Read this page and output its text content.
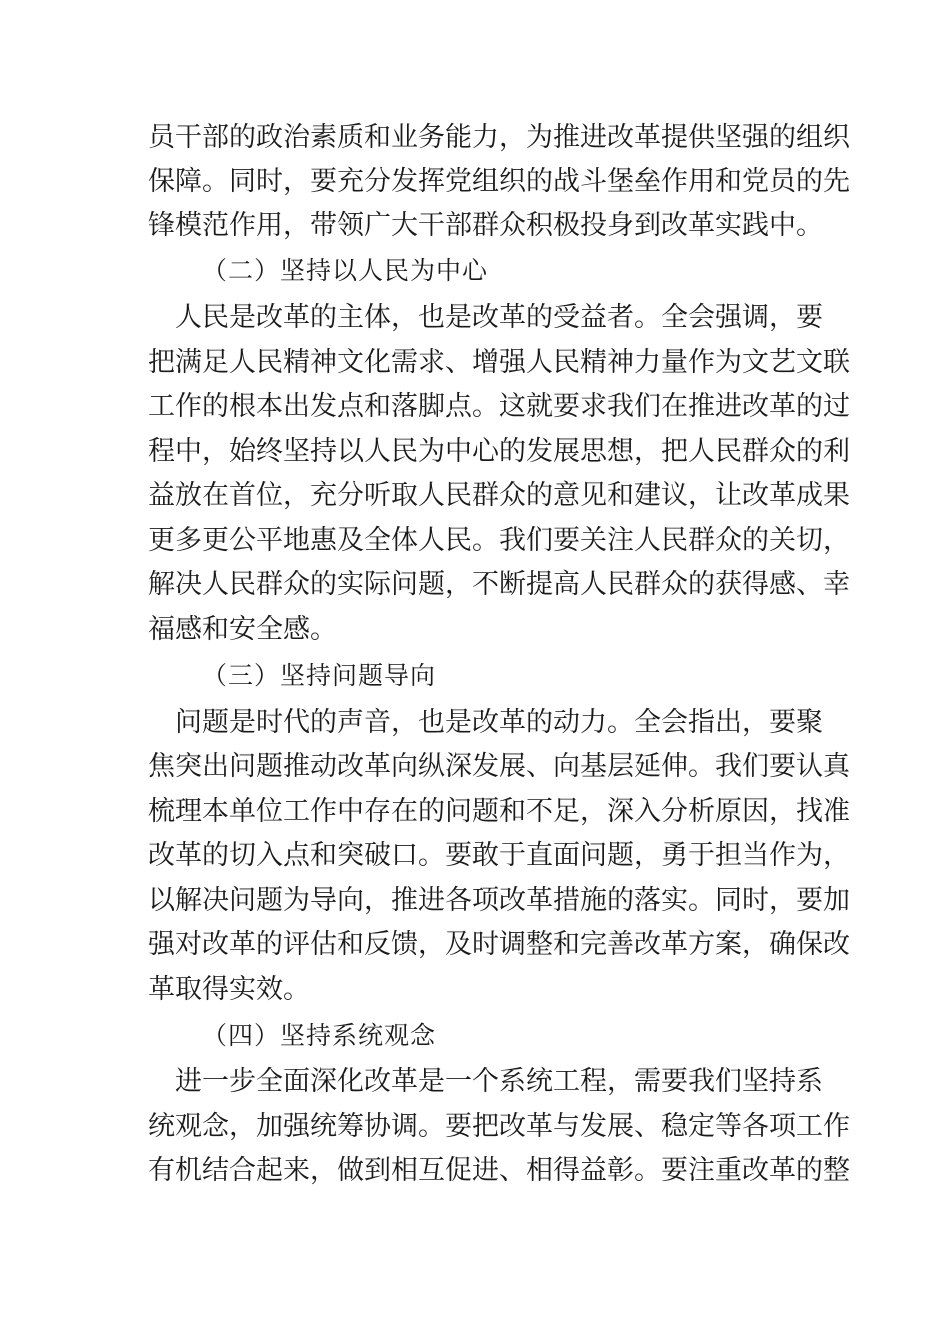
员干部的政治素质和业务能力，为推进改革提供坚强的组织
保障。同时，要充分发挥党组织的战斗堡垒作用和党员的先
锋模范作用，带领广大干部群众积极投身到改革实践中。
（二）坚持以人民为中心
　人民是改革的主体，也是改革的受益者。全会强调，要
把满足人民精神文化需求、增强人民精神力量作为文艺文联
工作的根本出发点和落脚点。这就要求我们在推进改革的过
程中，始终坚持以人民为中心的发展思想，把人民群众的利
益放在首位，充分听取人民群众的意见和建议，让改革成果
更多更公平地惠及全体人民。我们要关注人民群众的关切，
解决人民群众的实际问题，不断提高人民群众的获得感、幸
福感和安全感。
（三）坚持问题导向
　问题是时代的声音，也是改革的动力。全会指出，要聚
焦突出问题推动改革向纵深发展、向基层延伸。我们要认真
梳理本单位工作中存在的问题和不足，深入分析原因，找准
改革的切入点和突破口。要敢于直面问题，勇于担当作为，
以解决问题为导向，推进各项改革措施的落实。同时，要加
强对改革的评估和反馈，及时调整和完善改革方案，确保改
革取得实效。
（四）坚持系统观念
　进一步全面深化改革是一个系统工程，需要我们坚持系
统观念，加强统筹协调。要把改革与发展、稳定等各项工作
有机结合起来，做到相互促进、相得益彰。要注重改革的整
